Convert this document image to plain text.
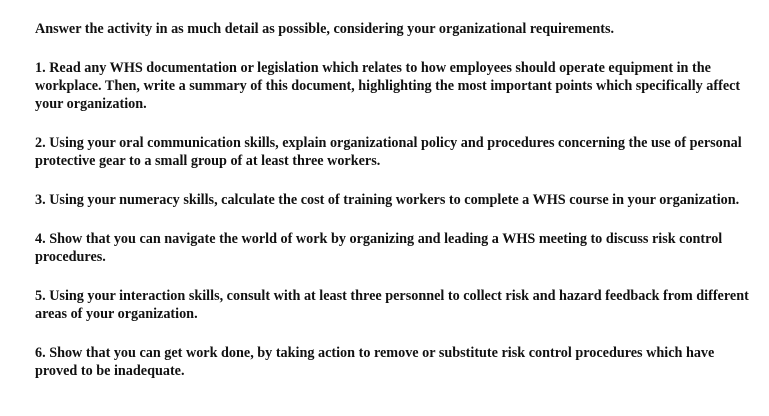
Answer the activity in as much detail as possible, considering your organizational requirements.

1. Read any WHS documentation or legislation which relates to how employees should operate equipment in the workplace. Then, write a summary of this document, highlighting the most important points which specifically affect your organization.

2. Using your oral communication skills, explain organizational policy and procedures concerning the use of personal protective gear to a small group of at least three workers.

3. Using your numeracy skills, calculate the cost of training workers to complete a WHS course in your organization.

4. Show that you can navigate the world of work by organizing and leading a WHS meeting to discuss risk control procedures.

5. Using your interaction skills, consult with at least three personnel to collect risk and hazard feedback from different areas of your organization.

6. Show that you can get work done, by taking action to remove or substitute risk control procedures which have proved to be inadequate.
